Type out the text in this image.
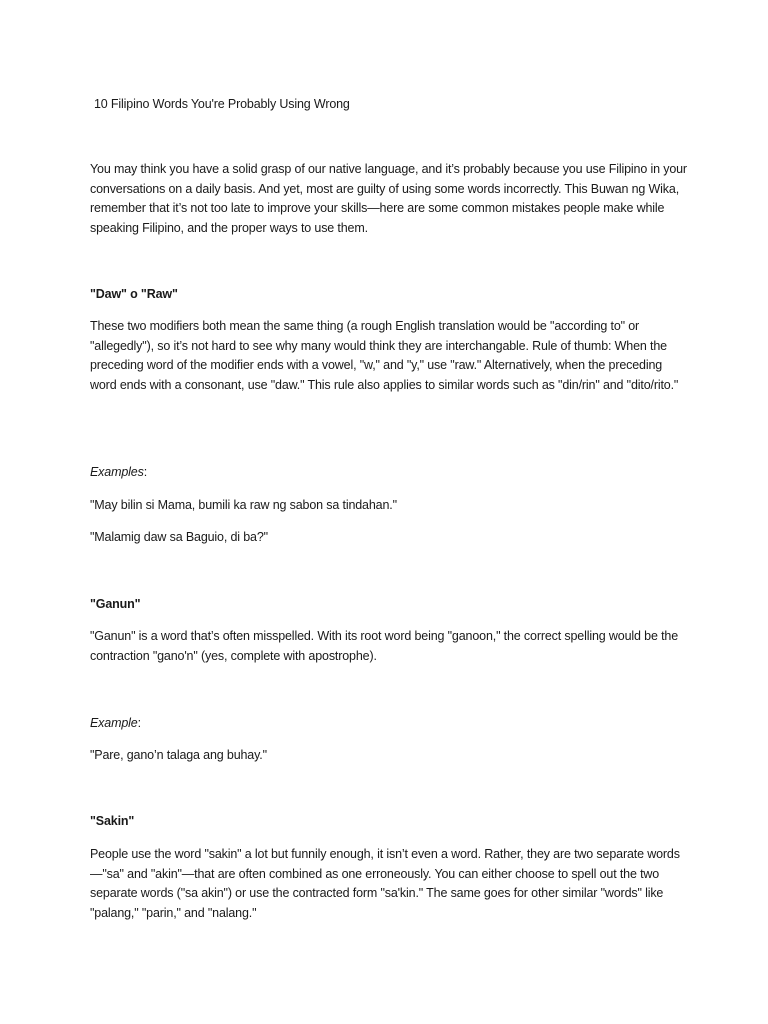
10 Filipino Words You're Probably Using Wrong

You may think you have a solid grasp of our native language, and it’s probably because you use Filipino in your conversations on a daily basis. And yet, most are guilty of using some words incorrectly. This Buwan ng Wika, remember that it’s not too late to improve your skills—here are some common mistakes people make while speaking Filipino, and the proper ways to use them.

"Daw" o "Raw"

These two modifiers both mean the same thing (a rough English translation would be "according to" or "allegedly"), so it’s not hard to see why many would think they are interchangable. Rule of thumb: When the preceding word of the modifier ends with a vowel, "w," and "y," use "raw." Alternatively, when the preceding word ends with a consonant, use "daw." This rule also applies to similar words such as "din/rin" and "dito/rito."

Examples:

"May bilin si Mama, bumili ka raw ng sabon sa tindahan."

"Malamig daw sa Baguio, di ba?"

"Ganun"

"Ganun" is a word that’s often misspelled. With its root word being "ganoon," the correct spelling would be the contraction "gano'n" (yes, complete with apostrophe).

Example:

"Pare, gano’n talaga ang buhay."

"Sakin"

People use the word "sakin" a lot but funnily enough, it isn’t even a word. Rather, they are two separate words—"sa" and "akin"—that are often combined as one erroneously. You can either choose to spell out the two separate words ("sa akin") or use the contracted form "sa'kin." The same goes for other similar "words" like "palang," "parin," and "nalang."
